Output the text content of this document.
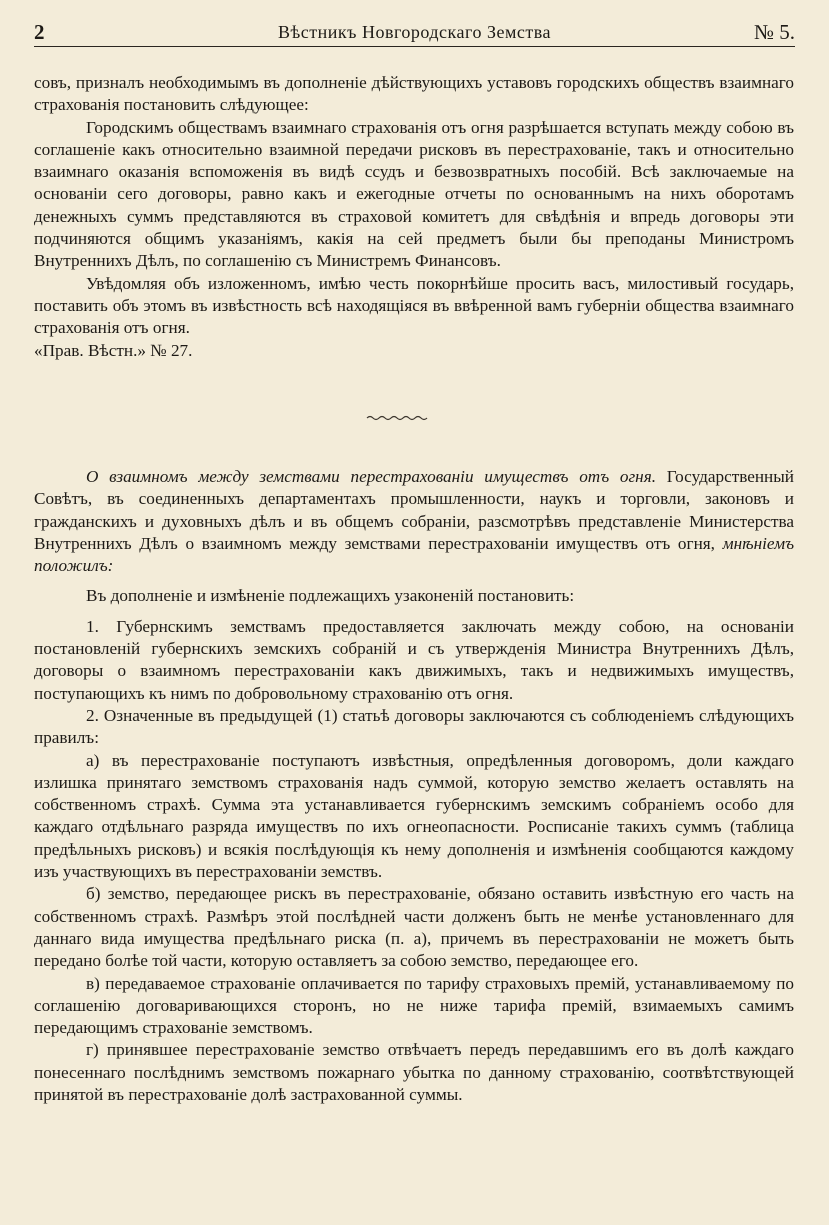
2	Вѣстникъ Новгородскаго Земства	№ 5.

совъ, призналъ необходимымъ въ дополненіе дѣйствующихъ уставовъ городскихъ обществъ взаимнаго страхованія постановить слѣдующее:

Городскимъ обществамъ взаимнаго страхованія отъ огня разрѣшается вступать между собою въ соглашеніе какъ относительно взаимной передачи рисковъ въ перестрахованіе, такъ и относительно взаимнаго оказанія вспоможенія въ видѣ ссудъ и безвозвратныхъ пособій. Всѣ заключаемые на основаніи сего договоры, равно какъ и ежегодные отчеты по основаннымъ на нихъ оборотамъ денежныхъ суммъ представляются въ страховой комитетъ для свѣдѣнія и впредь договоры эти подчиняются общимъ указаніямъ, какія на сей предметъ были бы преподаны Министромъ Внутреннихъ Дѣлъ, по соглашенію съ Министремъ Финансовъ.

Увѣдомляя объ изложенномъ, имѣю честь покорнѣйше просить васъ, милостивый государь, поставить объ этомъ въ извѣстность всѣ находящіяся въ ввѣренной вамъ губерніи общества взаимнаго страхованія отъ огня.

«Прав. Вѣстн.» № 27.

О взаимномъ между земствами перестрахованіи имуществъ отъ огня. Государственный Совѣтъ, въ соединенныхъ департаментахъ промышленности, наукъ и торговли, законовъ и гражданскихъ и духовныхъ дѣлъ и въ общемъ собраніи, разсмотрѣвъ представленіе Министерства Внутреннихъ Дѣлъ о взаимномъ между земствами перестрахованіи имуществъ отъ огня, мнѣніемъ положилъ:

Въ дополненіе и измѣненіе подлежащихъ узаконеній постановить:

1. Губернскимъ земствамъ предоставляется заключать между собою, на основаніи постановленій губернскихъ земскихъ собраній и съ утвержденія Министра Внутреннихъ Дѣлъ, договоры о взаимномъ перестрахованіи какъ движимыхъ, такъ и недвижимыхъ имуществъ, поступающихъ къ нимъ по добровольному страхованію отъ огня.

2. Означенные въ предыдущей (1) статьѣ договоры заключаются съ соблюденіемъ слѣдующихъ правилъ:

а) въ перестрахованіе поступаютъ извѣстныя, опредѣленныя договоромъ, доли каждаго излишка принятаго земствомъ страхованія надъ суммой, которую земство желаетъ оставлять на собственномъ страхѣ. Сумма эта устанавливается губернскимъ земскимъ собраніемъ особо для каждаго отдѣльнаго разряда имуществъ по ихъ огнеопасности. Росписаніе такихъ суммъ (таблица предѣльныхъ рисковъ) и всякія послѣдующія къ нему дополненія и измѣненія сообщаются каждому изъ участвующихъ въ перестрахованіи земствъ.

б) земство, передающее рискъ въ перестрахованіе, обязано оставить извѣстную его часть на собственномъ страхѣ. Размѣръ этой послѣдней части долженъ быть не менѣе установленнаго для даннаго вида имущества предѣльнаго риска (п. а), причемъ въ перестрахованіи не можетъ быть передано болѣе той части, которую оставляетъ за собою земство, передающее его.

в) передаваемое страхованіе оплачивается по тарифу страховыхъ премій, устанавливаемому по соглашенію договаривающихся сторонъ, но не ниже тарифа премій, взимаемыхъ самимъ передающимъ страхованіе земствомъ.

г) принявшее перестрахованіе земство отвѣчаетъ передъ передавшимъ его въ долѣ каждаго понесеннаго послѣднимъ земствомъ пожарнаго убытка по данному страхованію, соотвѣтствующей принятой въ перестрахованіе долѣ застрахованной суммы.
